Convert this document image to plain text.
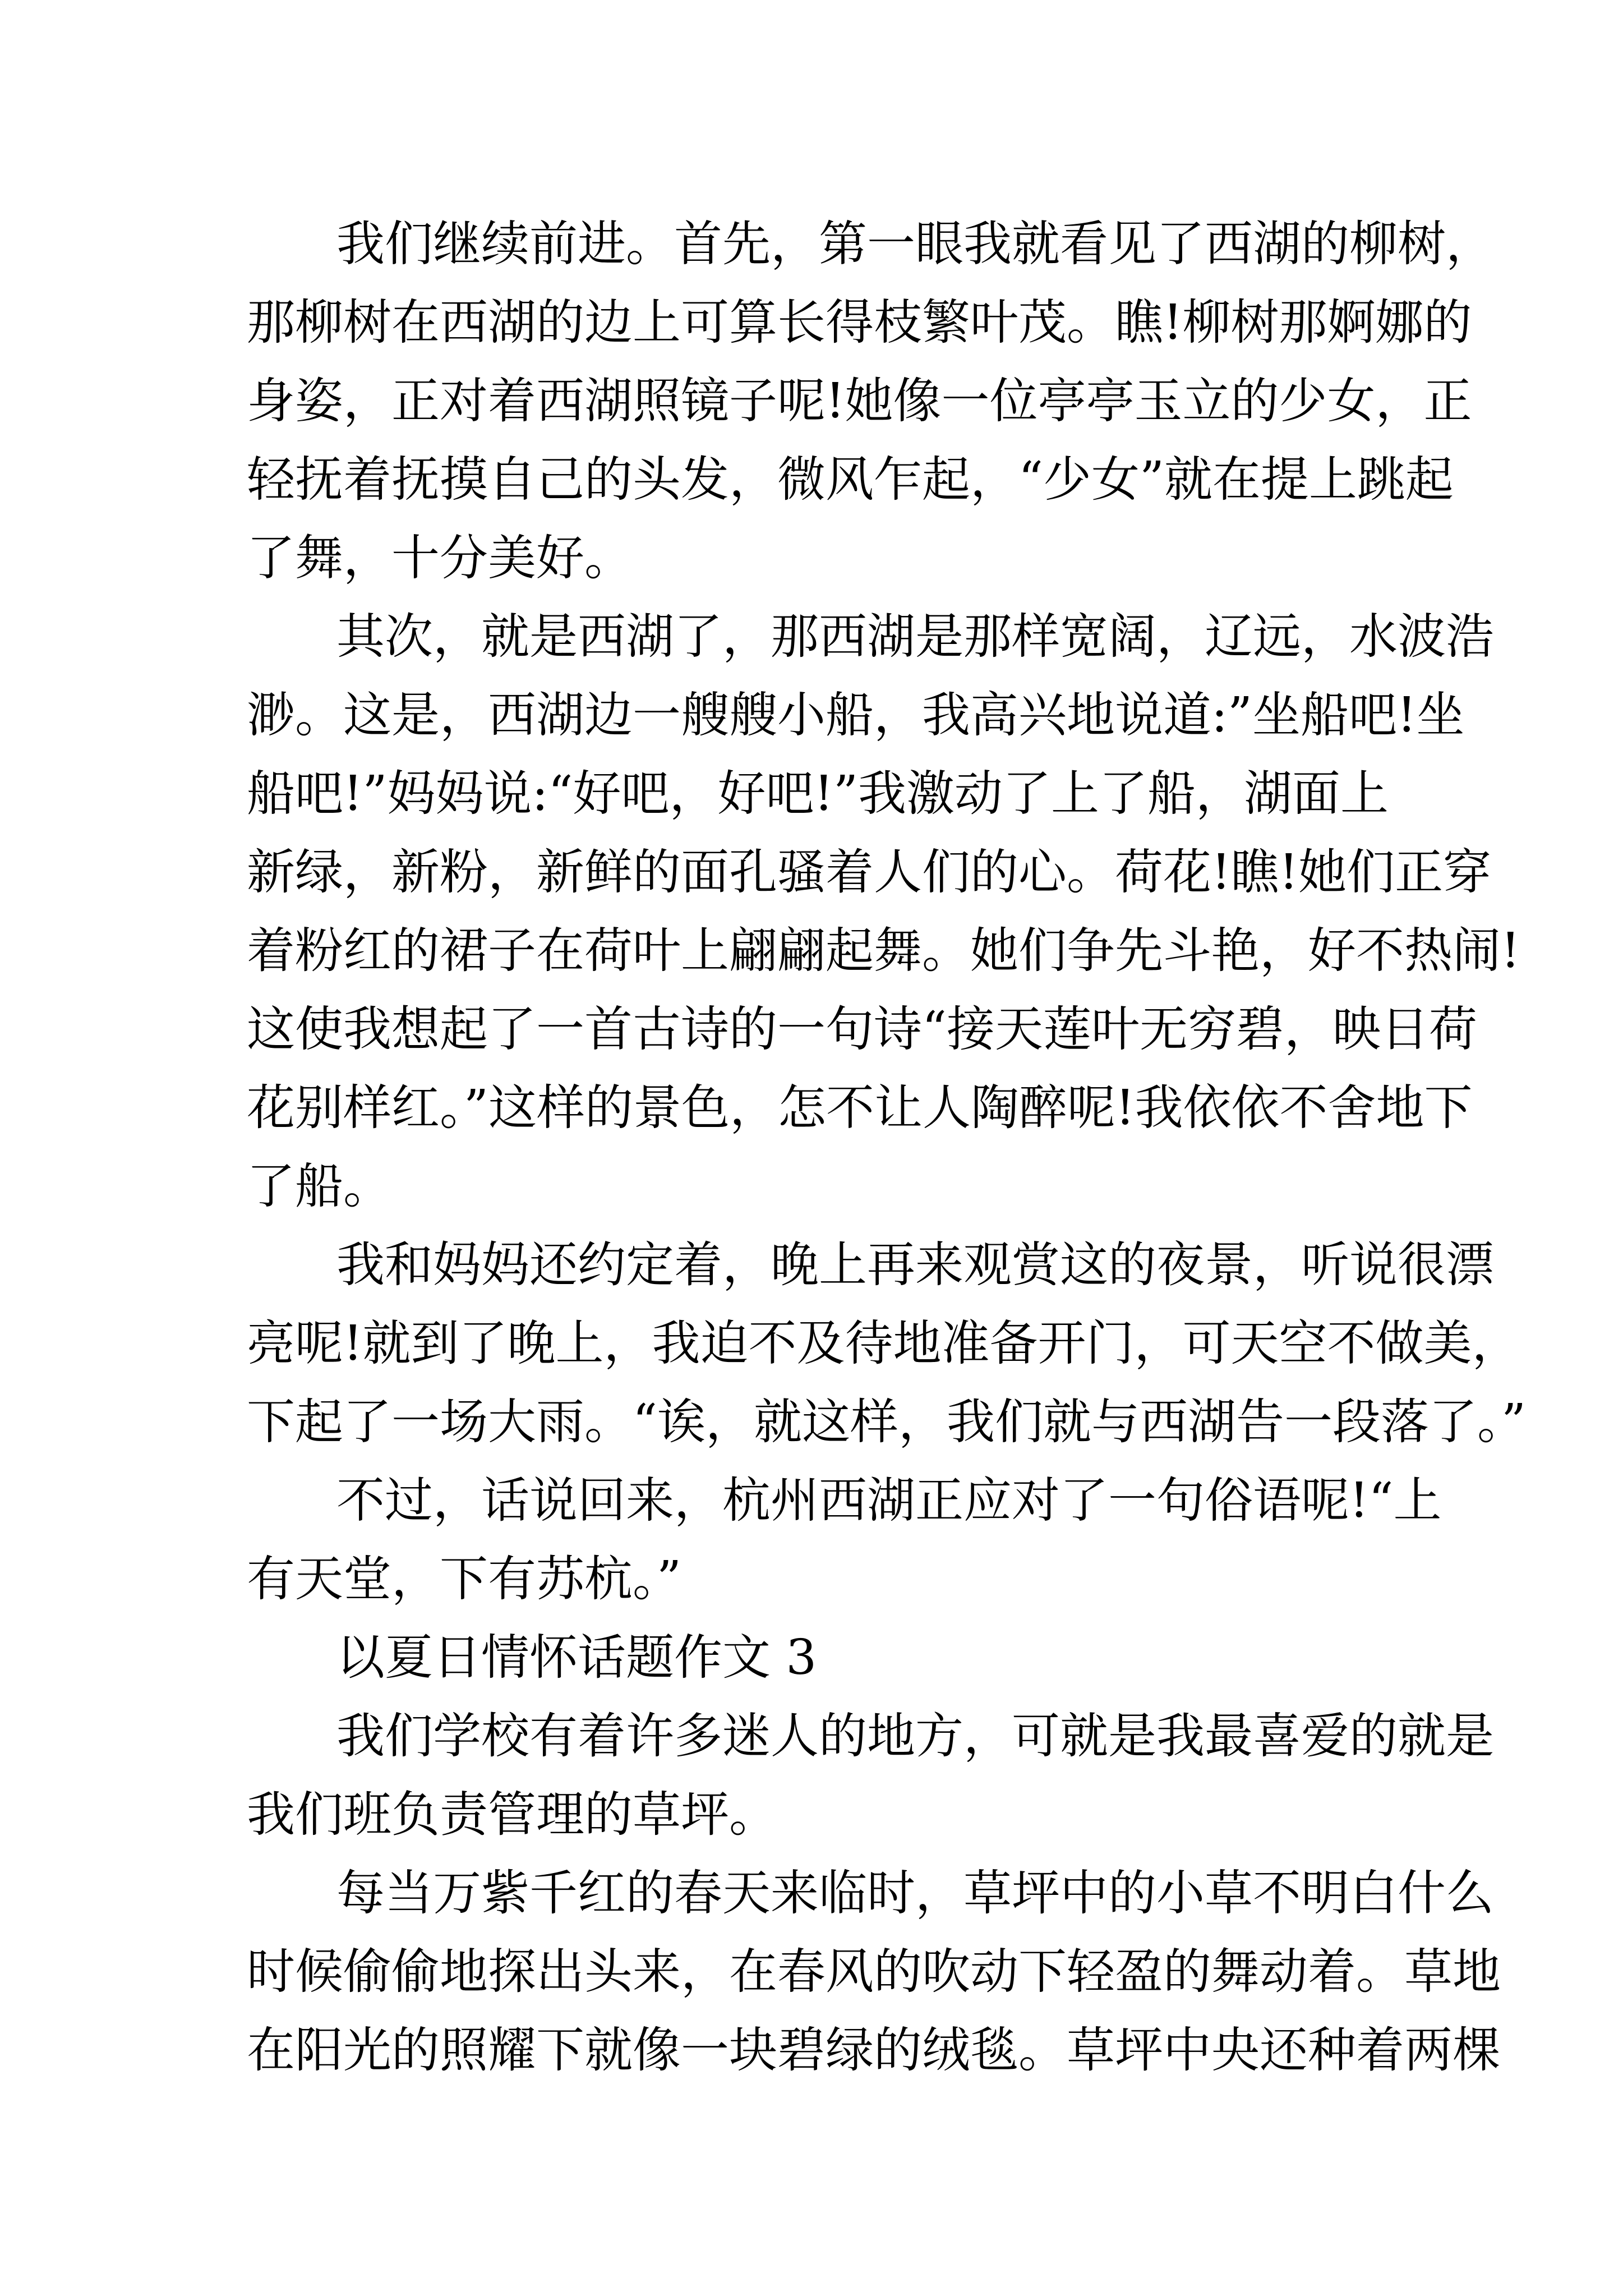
我们继续前进。首先，第一眼我就看见了西湖的柳树，
那柳树在西湖的边上可算长得枝繁叶茂。瞧!柳树那婀娜的
身姿，正对着西湖照镜子呢!她像一位亭亭玉立的少女，正
轻抚着抚摸自己的头发，微风乍起，“少女”就在提上跳起
了舞，十分美好。
其次，就是西湖了，那西湖是那样宽阔，辽远，水波浩
渺。这是，西湖边一艘艘小船，我高兴地说道:”坐船吧!坐
船吧!”妈妈说:“好吧，好吧!”我激动了上了船，湖面上
新绿，新粉，新鲜的面孔骚着人们的心。荷花!瞧!她们正穿
着粉红的裙子在荷叶上翩翩起舞。她们争先斗艳，好不热闹!
这使我想起了一首古诗的一句诗“接天莲叶无穷碧，映日荷
花别样红。”这样的景色，怎不让人陶醉呢!我依依不舍地下
了船。
我和妈妈还约定着，晚上再来观赏这的夜景，听说很漂
亮呢!就到了晚上，我迫不及待地准备开门，可天空不做美，
下起了一场大雨。“诶，就这样，我们就与西湖告一段落了。”
不过，话说回来，杭州西湖正应对了一句俗语呢!“上
有天堂，下有苏杭。”
以夏日情怀话题作文 3
我们学校有着许多迷人的地方，可就是我最喜爱的就是
我们班负责管理的草坪。
每当万紫千红的春天来临时，草坪中的小草不明白什么
时候偷偷地探出头来，在春风的吹动下轻盈的舞动着。草地
在阳光的照耀下就像一块碧绿的绒毯。草坪中央还种着两棵
